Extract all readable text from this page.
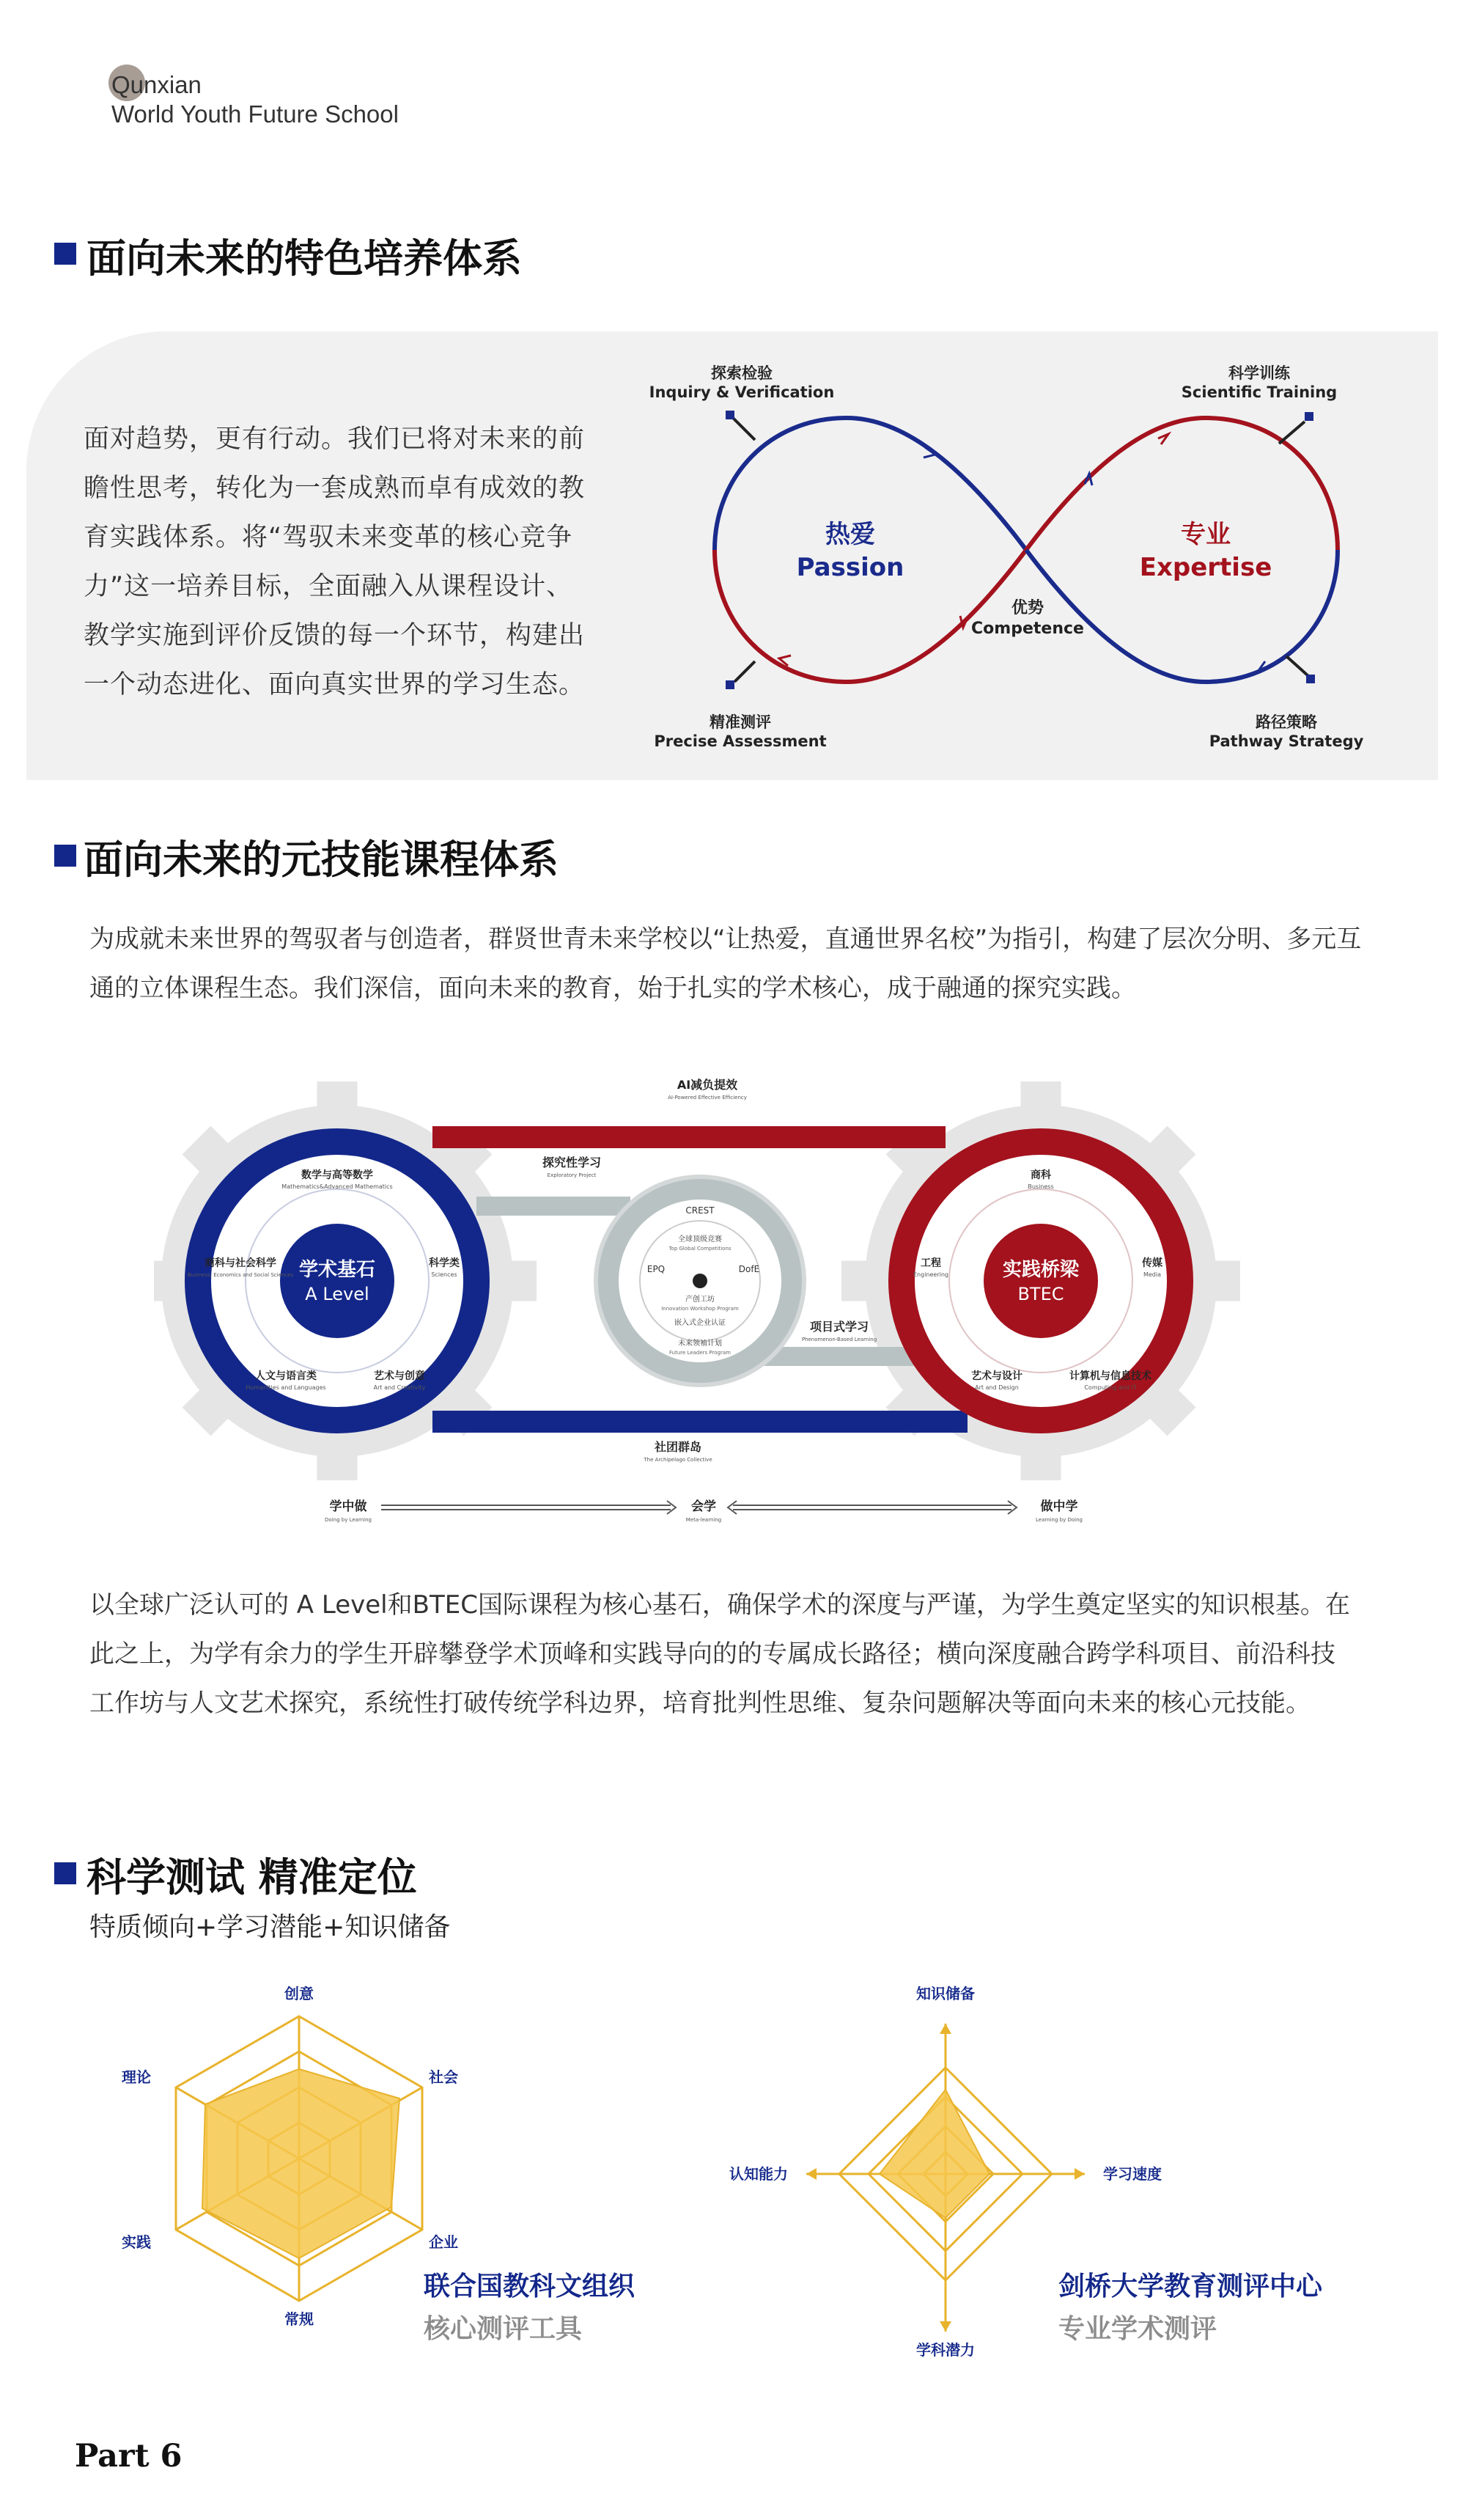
Qunxian
World Youth Future School
面向未来的特色培养体系
面对趋势，更有行动。我们已将对未来的前瞻性思考，转化为一套成熟而卓有成效的教育实践体系。将“驾驭未来变革的核心竞争力”这一培养目标，全面融入从课程设计、教学实施到评价反馈的每一个环节，构建出一个动态进化、面向真实世界的学习生态。
热爱
Passion
专业
Expertise
优势
Competence
探索检验
Inquiry & Verification
科学训练
Scientific Training
精准测评
Precise Assessment
路径策略
Pathway Strategy
面向未来的元技能课程体系
为成就未来世界的驾驭者与创造者，群贤世青未来学校以“让热爱，直通世界名校”为指引，构建了层次分明、多元互通的立体课程生态。我们深信，面向未来的教育，始于扎实的学术核心，成于融通的探究实践。
学术基石
A Level
数学与高等数学
Mathematics&Advanced Mathematics
科学类
Sciences
艺术与创意
Art and Creativity
人文与语言类
Humanities and Languages
商科与社会科学
Business, Economics and Social Sciences
CREST
全球顶级竞赛
Top Global Competitions
EPQ	DofE
产创工坊
Innovation Workshop Program
嵌入式企业认证
未来领袖计划
Future Leaders Program
实践桥梁
BTEC
商科
Business
传媒
Media
计算机与信息技术
Computing and IT
艺术与设计
Art and Design
工程
Engineering
AI减负提效
AI-Powered Effective Efficiency
探究性学习
Exploratory Project
项目式学习
Phenomenon-Based Learning
社团群岛
The Archipelago Collective
学中做
Doing by Learning
会学
Meta-learning
做中学
Learning by Doing
以全球广泛认可的 A Level和BTEC国际课程为核心基石，确保学术的深度与严谨，为学生奠定坚实的知识根基。在此之上，为学有余力的学生开辟攀登学术顶峰和实践导向的的专属成长路径；横向深度融合跨学科项目、前沿科技工作坊与人文艺术探究，系统性打破传统学科边界，培育批判性思维、复杂问题解决等面向未来的核心元技能。
科学测试 精准定位
特质倾向+学习潜能+知识储备
创意
社会
企业
常规
实践
理论
联合国教科文组织
核心测评工具
知识储备
学习速度
学科潜力
认知能力
剑桥大学教育测评中心
专业学术测评
Part 6
